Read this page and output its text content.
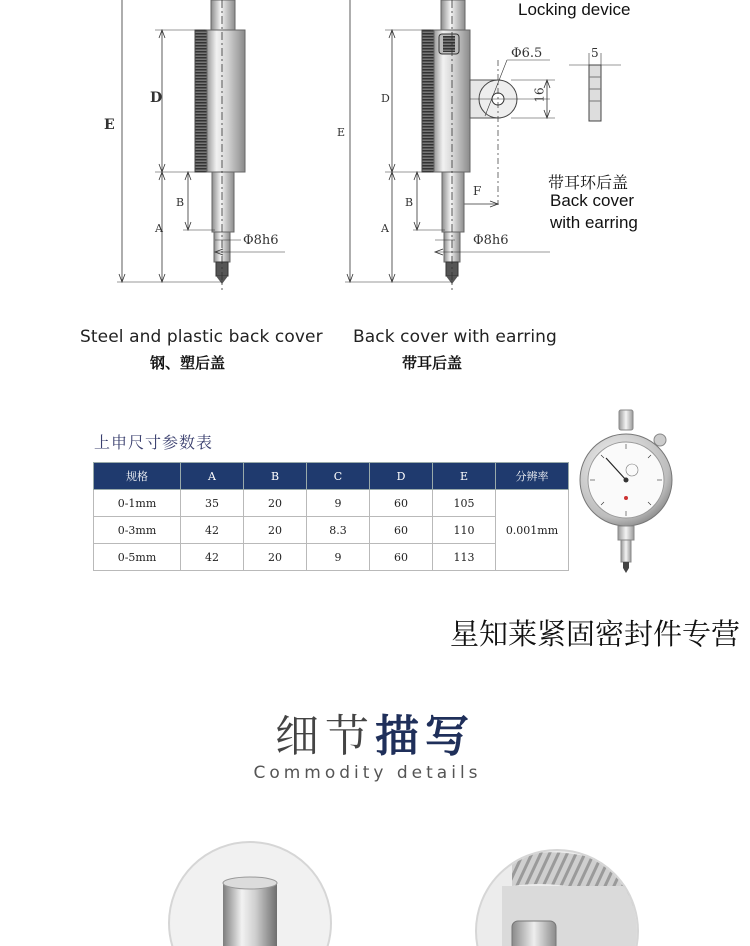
E
D
A
B
Φ8h6
Locking device
E
D
A
B
F
Φ8h6
Φ6.5
16
5
带耳环后盖
Back cover
with earring
Steel and plastic back cover
钢、塑后盖
Back cover with earring
带耳后盖
上申尺寸参数表
规格	A	B	C	D	E	分辨率
0-1mm	35	20	9	60	105	0.001mm
0-3mm	42	20	8.3	60	110	
0-5mm	42	20	9	60	113	
星知莱紧固密封件专营
细节描写
Commodity details
